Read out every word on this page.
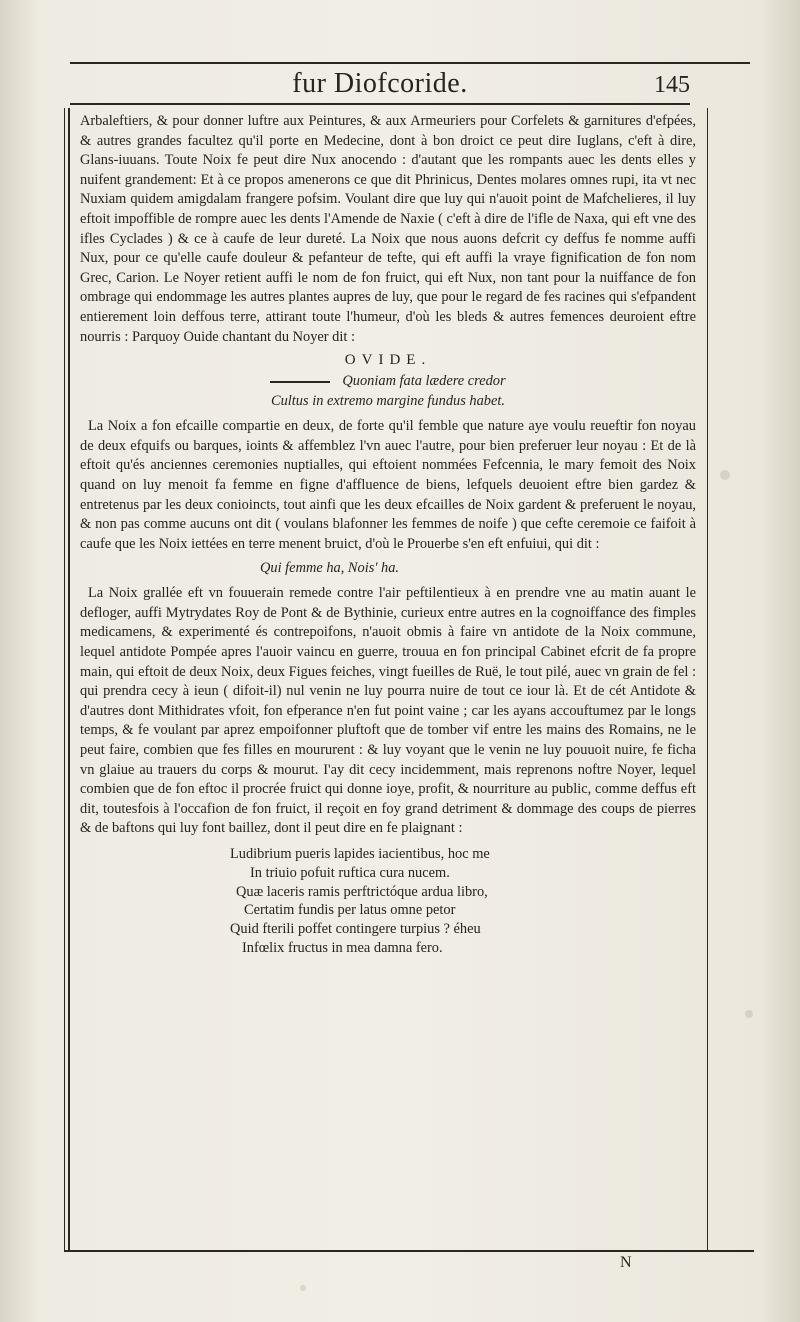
fur Diofcoride.	145

Arbaleftiers, & pour donner luftre aux Peintures, & aux Armeuriers pour Corfelets & garnitures d'efpées, & autres grandes facultez qu'il porte en Medecine, dont à bon droict ce peut dire Iuglans, c'eft à dire, Glans-iuuans. Toute Noix fe peut dire Nux anocendo : d'autant que les rompants auec les dents elles y nuifent grandement: Et à ce propos amenerons ce que dit Phrinicus, Dentes molares omnes rupi, ita vt nec Nuxiam quidem amigdalam frangere pofsim. Voulant dire que luy qui n'auoit point de Mafchelieres, il luy eftoit impoffible de rompre auec les dents l'Amende de Naxie ( c'eft à dire de l'ifle de Naxa, qui eft vne des ifles Cyclades ) & ce à caufe de leur dureté. La Noix que nous auons defcrit cy deffus fe nomme auffi Nux, pour ce qu'elle caufe douleur & pefanteur de tefte, qui eft auffi la vraye fignification de fon nom Grec, Carion. Le Noyer retient auffi le nom de fon fruict, qui eft Nux, non tant pour la nuiffance de fon ombrage qui endommage les autres plantes aupres de luy, que pour le regard de fes racines qui s'efpandent entierement loin deffous terre, attirant toute l'humeur, d'où les bleds & autres femences deuroient eftre nourris : Parquoy Ouide chantant du Noyer dit :

OVIDE.
Quoniam fata lædere credor
Cultus in extremo margine fundus habet.

La Noix a fon efcaille compartie en deux, de forte qu'il femble que nature aye voulu reueftir fon noyau de deux efquifs ou barques, ioints & affemblez l'vn auec l'autre, pour bien preferuer leur noyau : Et de là eftoit qu'és anciennes ceremonies nuptialles, qui eftoient nommées Fefcennia, le mary femoit des Noix quand on luy menoit fa femme en figne d'affluence de biens, lefquels deuoient eftre bien gardez & entretenus par les deux conioincts, tout ainfi que les deux efcailles de Noix gardent & preferuent le noyau, & non pas comme aucuns ont dit ( voulans blafonner les femmes de noife ) que cefte ceremoie ce faifoit à caufe que les Noix iettées en terre menent bruict, d'où le Prouerbe s'en eft enfuiui, qui dit :

Qui femme ha, Nois' ha.

La Noix grallée eft vn fouuerain remede contre l'air peftilentieux à en prendre vne au matin auant le defloger, auffi Mytrydates Roy de Pont & de Bythinie, curieux entre autres en la cognoiffance des fimples medicamens, & experimenté és contrepoifons, n'auoit obmis à faire vn antidote de la Noix commune, lequel antidote Pompée apres l'auoir vaincu en guerre, trouua en fon principal Cabinet efcrit de fa propre main, qui eftoit de deux Noix, deux Figues feiches, vingt fueilles de Ruë, le tout pilé, auec vn grain de fel : qui prendra cecy à ieun ( difoit-il) nul venin ne luy pourra nuire de tout ce iour là. Et de cét Antidote & d'autres dont Mithidrates vfoit, fon efperance n'en fut point vaine ; car les ayans accouftumez par le longs temps, & fe voulant par aprez empoifonner pluftoft que de tomber vif entre les mains des Romains, ne le peut faire, combien que fes filles en moururent : & luy voyant que le venin ne luy pouuoit nuire, fe ficha vn glaiue au trauers du corps & mourut. I'ay dit cecy incidemment, mais reprenons noftre Noyer, lequel combien que de fon eftoc il procrée fruict qui donne ioye, profit, & nourriture au public, comme deffus eft dit, toutesfois à l'occafion de fon fruict, il reçoit en foy grand detriment & dommage des coups de pierres & de baftons qui luy font baillez, dont il peut dire en fe plaignant :

Ludibrium pueris lapides iacientibus, hoc me
In triuio pofuit ruftica cura nucem.
Quæ laceris ramis perftrictóque ardua libro,
Certatim fundis per latus omne petor
Quid fterili poffet contingere turpius ? éheu
Infœlix fructus in mea damna fero.
N
